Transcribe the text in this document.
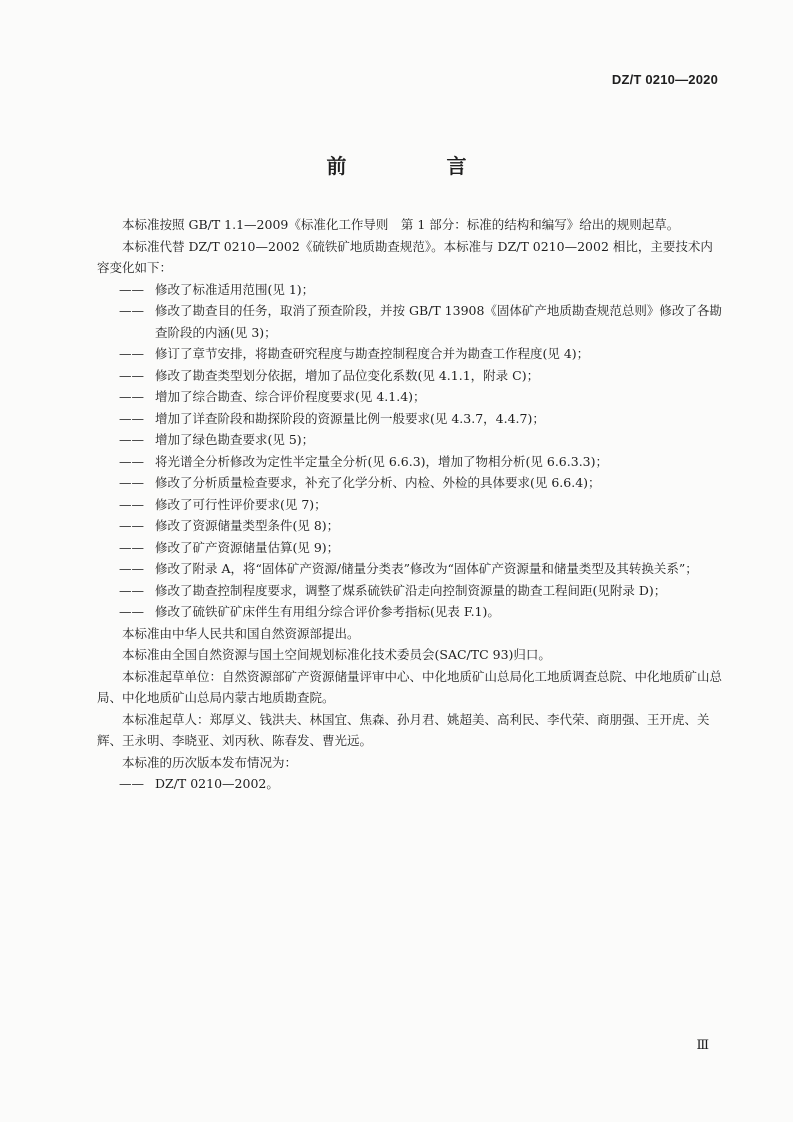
DZ/T 0210—2020
前　言

本标准按照 GB/T 1.1—2009《标准化工作导则　第 1 部分：标准的结构和编写》给出的规则起草。

本标准代替 DZ/T 0210—2002《硫铁矿地质勘查规范》。本标准与 DZ/T 0210—2002 相比，主要技术内容变化如下：

—— 修改了标准适用范围(见 1)；
—— 修改了勘查目的任务，取消了预查阶段，并按 GB/T 13908《固体矿产地质勘查规范总则》修改了各勘查阶段的内涵(见 3)；
—— 修订了章节安排，将勘查研究程度与勘查控制程度合并为勘查工作程度(见 4)；
—— 修改了勘查类型划分依据，增加了品位变化系数(见 4.1.1，附录 C)；
—— 增加了综合勘查、综合评价程度要求(见 4.1.4)；
—— 增加了详查阶段和勘探阶段的资源量比例一般要求(见 4.3.7，4.4.7)；
—— 增加了绿色勘查要求(见 5)；
—— 将光谱全分析修改为定性半定量全分析(见 6.6.3)，增加了物相分析(见 6.6.3.3)；
—— 修改了分析质量检查要求，补充了化学分析、内检、外检的具体要求(见 6.6.4)；
—— 修改了可行性评价要求(见 7)；
—— 修改了资源储量类型条件(见 8)；
—— 修改了矿产资源储量估算(见 9)；
—— 修改了附录 A，将“固体矿产资源/储量分类表”修改为“固体矿产资源量和储量类型及其转换关系”；
—— 修改了勘查控制程度要求，调整了煤系硫铁矿沿走向控制资源量的勘查工程间距(见附录 D)；
—— 修改了硫铁矿矿床伴生有用组分综合评价参考指标(见表 F.1)。

本标准由中华人民共和国自然资源部提出。

本标准由全国自然资源与国土空间规划标准化技术委员会(SAC/TC 93)归口。

本标准起草单位：自然资源部矿产资源储量评审中心、中化地质矿山总局化工地质调查总院、中化地质矿山总局、中化地质矿山总局内蒙古地质勘查院。

本标准起草人：郑厚义、钱洪夫、林国宜、焦森、孙月君、姚超美、高利民、李代荣、商朋强、王开虎、关辉、王永明、李晓亚、刘丙秋、陈春发、曹光远。

本标准的历次版本发布情况为：

—— DZ/T 0210—2002。
Ⅲ
